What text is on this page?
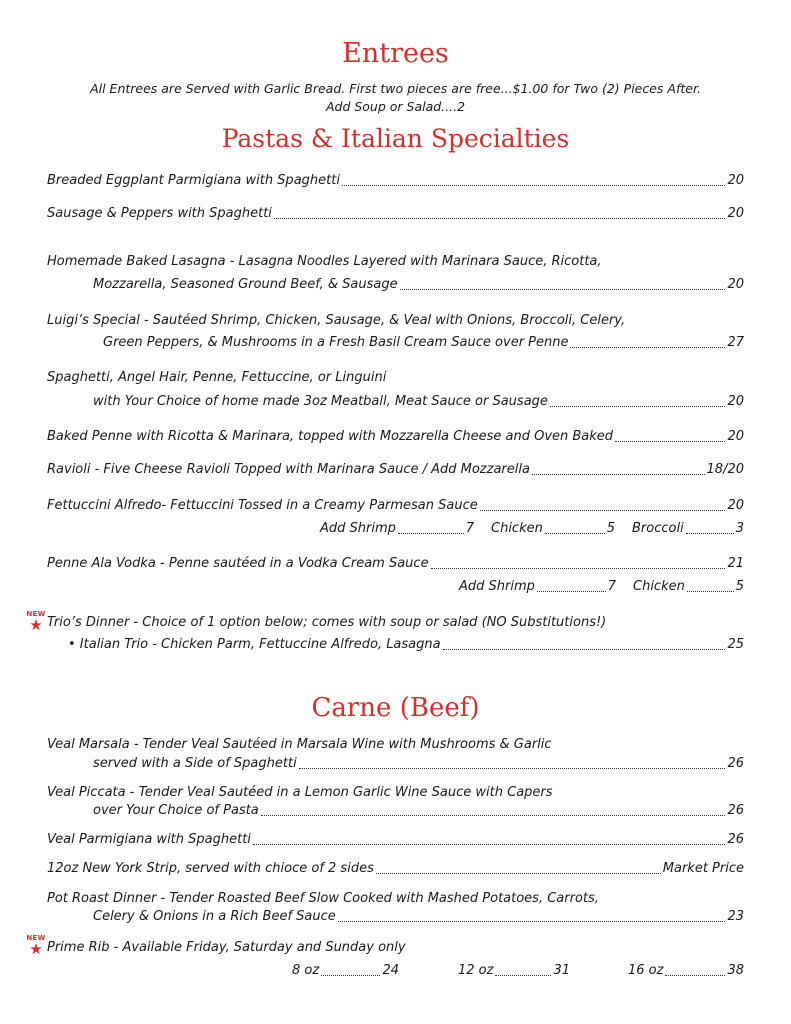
Entrees
All Entrees are Served with Garlic Bread. First two pieces are free...$1.00 for Two (2) Pieces After.
Add Soup or Salad....2
Pastas & Italian Specialties
Breaded Eggplant Parmigiana with Spaghetti	20
Sausage & Peppers with Spaghetti	20
Homemade Baked Lasagna - Lasagna Noodles Layered with Marinara Sauce, Ricotta,
Mozzarella, Seasoned Ground Beef, & Sausage	20
Luigi’s Special - Sautéed Shrimp, Chicken, Sausage, & Veal with Onions, Broccoli, Celery,
Green Peppers, & Mushrooms in a Fresh Basil Cream Sauce over Penne	27
Spaghetti, Angel Hair, Penne, Fettuccine, or Linguini
with Your Choice of home made 3oz Meatball, Meat Sauce or Sausage	20
Baked Penne with Ricotta & Marinara, topped with Mozzarella Cheese and Oven Baked	20
Ravioli - Five Cheese Ravioli Topped with Marinara Sauce / Add Mozzarella	18/20
Fettuccini Alfredo- Fettuccini Tossed in a Creamy Parmesan Sauce	20
Add Shrimp	7 Chicken	5 Broccoli	3
Penne Ala Vodka - Penne sautéed in a Vodka Cream Sauce	21
Add Shrimp	7 Chicken	5
NEW
★ Trio’s Dinner - Choice of 1 option below; comes with soup or salad (NO Substitutions!)
• Italian Trio - Chicken Parm, Fettuccine Alfredo, Lasagna	25
Carne (Beef)
Veal Marsala - Tender Veal Sautéed in Marsala Wine with Mushrooms & Garlic
served with a Side of Spaghetti	26
Veal Piccata - Tender Veal Sautéed in a Lemon Garlic Wine Sauce with Capers
over Your Choice of Pasta	26
Veal Parmigiana with Spaghetti	26
12oz New York Strip, served with chioce of 2 sides	Market Price
Pot Roast Dinner - Tender Roasted Beef Slow Cooked with Mashed Potatoes, Carrots,
Celery & Onions in a Rich Beef Sauce	23
NEW
★ Prime Rib - Available Friday, Saturday and Sunday only
8 oz	24	12 oz	31	16 oz	38
